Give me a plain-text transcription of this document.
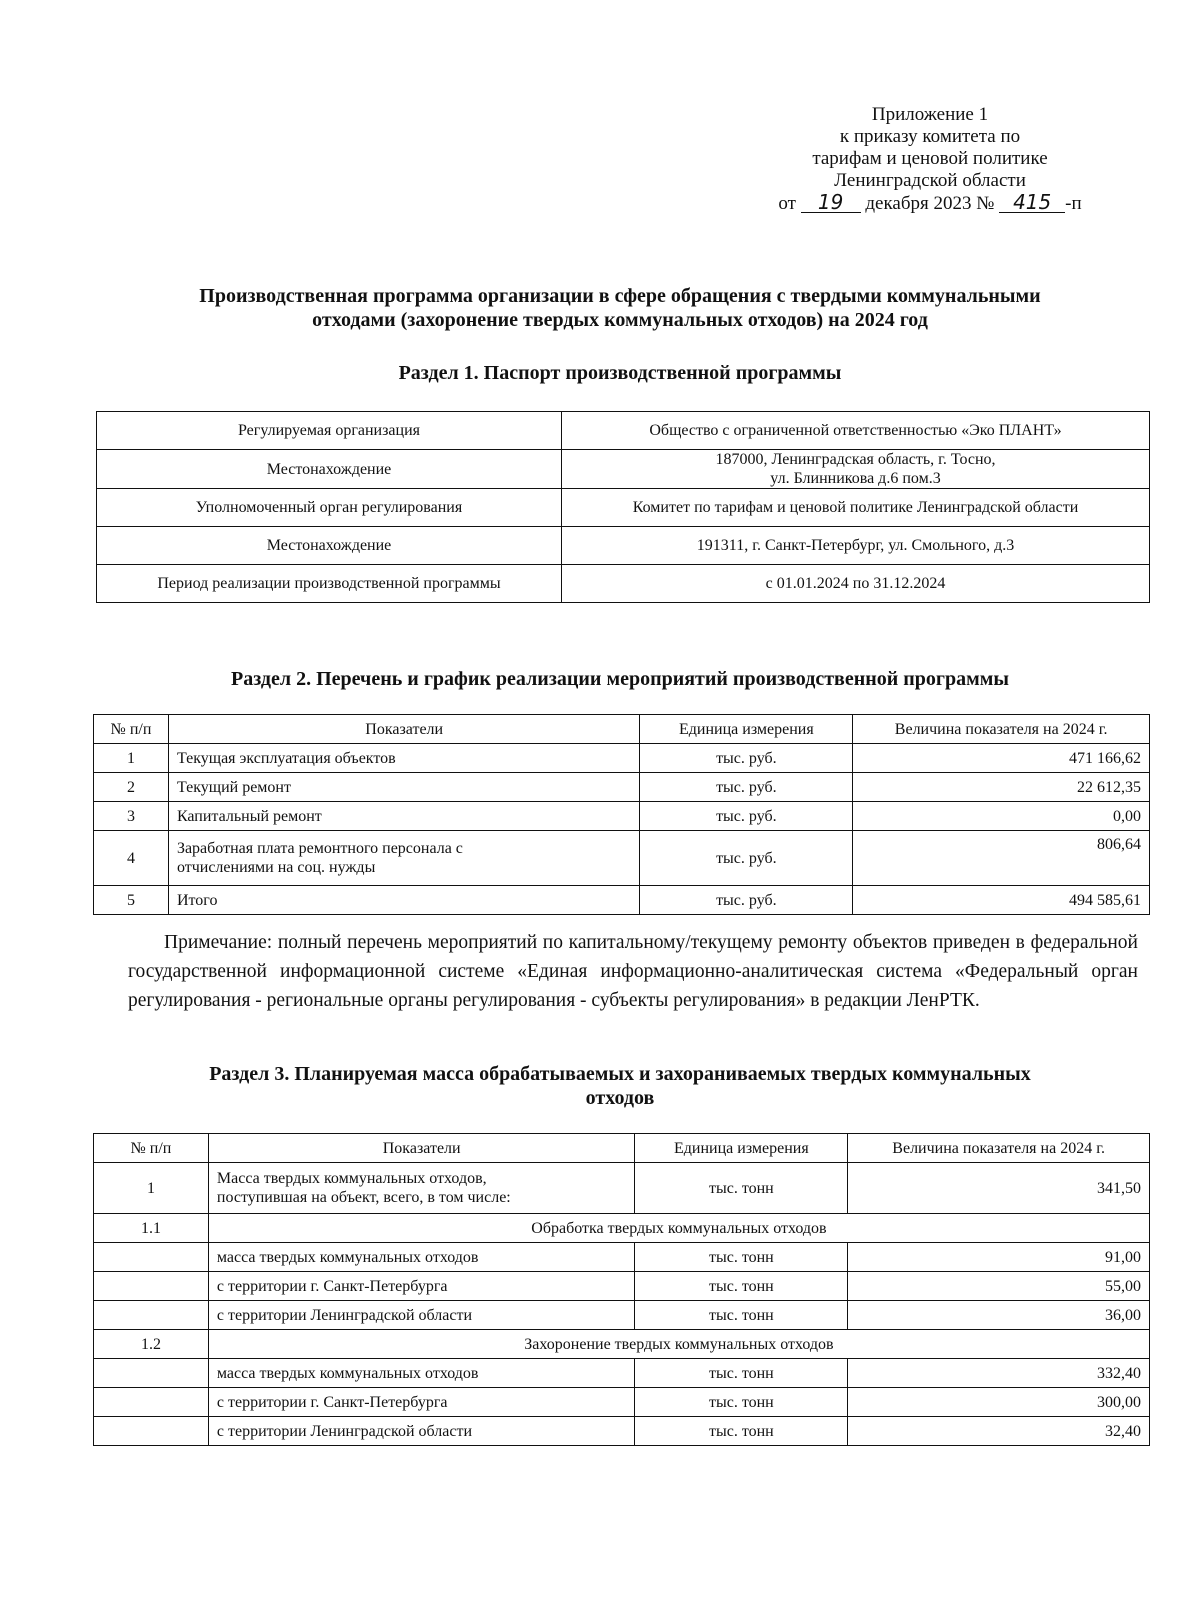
Приложение 1
к приказу комитета по
тарифам и ценовой политике
Ленинградской области
от 19 декабря 2023 № 415 -п
Производственная программа организации в сфере обращения с твердыми коммунальными
отходами (захоронение твердых коммунальных отходов) на 2024 год
Раздел 1. Паспорт производственной программы
Регулируемая организация	Общество с ограниченной ответственностью «Эко ПЛАНТ»
Местонахождение	187000, Ленинградская область, г. Тосно,
ул. Блинникова д.6 пом.3

Уполномоченный орган регулирования	Комитет по тарифам и ценовой политике Ленинградской области
Местонахождение	191311, г. Санкт-Петербург, ул. Смольного, д.3
Период реализации производственной программы	с 01.01.2024 по 31.12.2024
Раздел 2. Перечень и график реализации мероприятий производственной программы
№ п/п	Показатели	Единица измерения	Величина показателя на 2024 г.
1	Текущая эксплуатация объектов	тыс. руб.	471 166,62
2	Текущий ремонт	тыс. руб.	22 612,35
3	Капитальный ремонт	тыс. руб.	0,00
4	Заработная плата ремонтного персонала с
отчислениями на соц. нужды	тыс. руб.	806,64
5	Итого	тыс. руб.	494 585,61
Примечание: полный перечень мероприятий по капитальному/текущему ремонту объектов приведен в федеральной государственной информационной системе «Единая информационно-аналитическая система «Федеральный орган регулирования - региональные органы регулирования - субъекты регулирования» в редакции ЛенРТК.
Раздел 3. Планируемая масса обрабатываемых и захораниваемых твердых коммунальных
отходов
№ п/п	Показатели	Единица измерения	Величина показателя на 2024 г.
1	Масса твердых коммунальных отходов,
поступившая на объект, всего, в том числе:	тыс. тонн	341,50
1.1	Обработка твердых коммунальных отходов		
	масса твердых коммунальных отходов	тыс. тонн	91,00
	с территории г. Санкт-Петербурга	тыс. тонн	55,00
	с территории Ленинградской области	тыс. тонн	36,00
1.2	Захоронение твердых коммунальных отходов		
	масса твердых коммунальных отходов	тыс. тонн	332,40
	с территории г. Санкт-Петербурга	тыс. тонн	300,00
	с территории Ленинградской области	тыс. тонн	32,40
